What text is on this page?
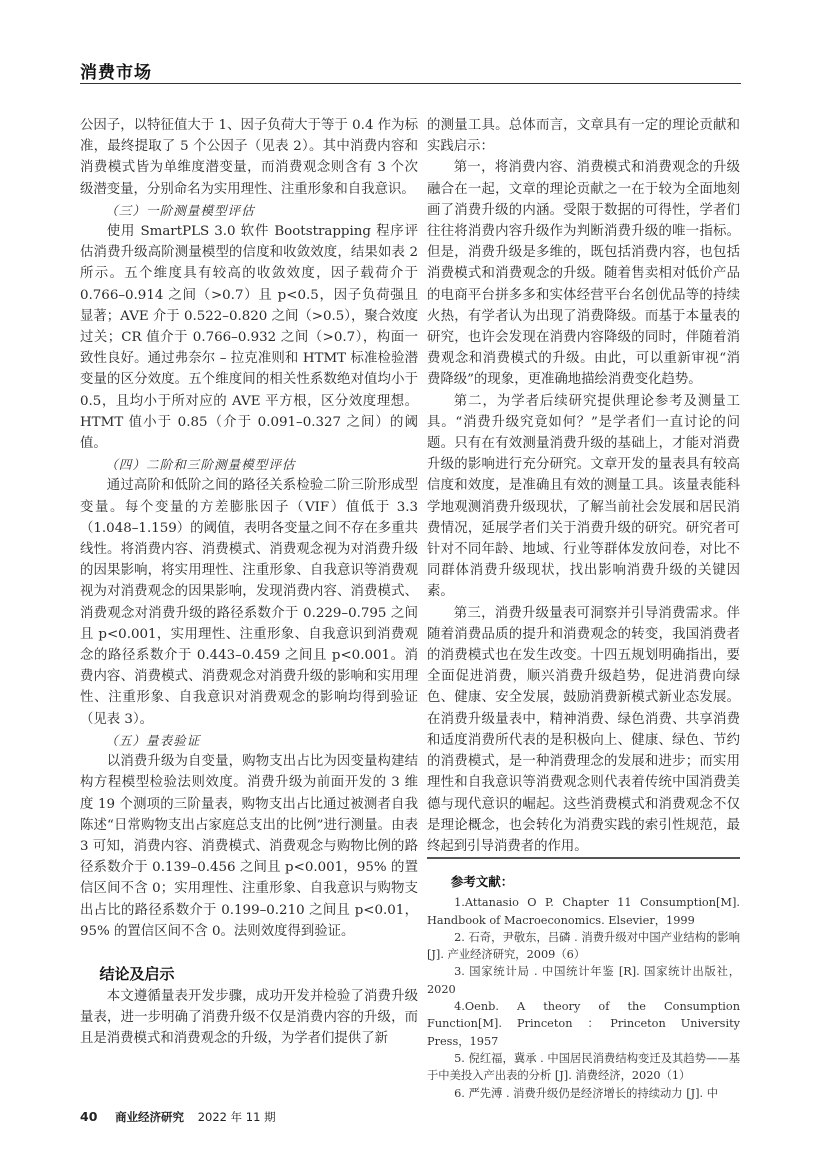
消费市场

公因子，以特征值大于 1、因子负荷大于等于 0.4 作为标准，最终提取了 5 个公因子（见表 2）。其中消费内容和消费模式皆为单维度潜变量，而消费观念则含有 3 个次级潜变量，分别命名为实用理性、注重形象和自我意识。

（三）一阶测量模型评估

使用 SmartPLS 3.0 软件 Bootstrapping 程序评估消费升级高阶测量模型的信度和收敛效度，结果如表 2 所示。五个维度具有较高的收敛效度，因子载荷介于 0.766–0.914 之间（>0.7）且 p<0.5，因子负荷强且显著；AVE 介于 0.522–0.820 之间（>0.5），聚合效度过关；CR 值介于 0.766–0.932 之间（>0.7），构面一致性良好。通过弗奈尔 – 拉克准则和 HTMT 标准检验潜变量的区分效度。五个维度间的相关性系数绝对值均小于 0.5，且均小于所对应的 AVE 平方根，区分效度理想。HTMT 值小于 0.85（介于 0.091–0.327 之间）的阈值。

（四）二阶和三阶测量模型评估

通过高阶和低阶之间的路径关系检验二阶三阶形成型变量。每个变量的方差膨胀因子（VIF）值低于 3.3（1.048–1.159）的阈值，表明各变量之间不存在多重共线性。将消费内容、消费模式、消费观念视为对消费升级的因果影响，将实用理性、注重形象、自我意识等消费观视为对消费观念的因果影响，发现消费内容、消费模式、消费观念对消费升级的路径系数介于 0.229–0.795 之间且 p<0.001，实用理性、注重形象、自我意识到消费观念的路径系数介于 0.443–0.459 之间且 p<0.001。消费内容、消费模式、消费观念对消费升级的影响和实用理性、注重形象、自我意识对消费观念的影响均得到验证（见表 3）。

（五）量表验证

以消费升级为自变量，购物支出占比为因变量构建结构方程模型检验法则效度。消费升级为前面开发的 3 维度 19 个测项的三阶量表，购物支出占比通过被测者自我陈述“日常购物支出占家庭总支出的比例”进行测量。由表 3 可知，消费内容、消费模式、消费观念与购物比例的路径系数介于 0.139–0.456 之间且 p<0.001，95% 的置信区间不含 0；实用理性、注重形象、自我意识与购物支出占比的路径系数介于 0.199–0.210 之间且 p<0.01，95% 的置信区间不含 0。法则效度得到验证。

结论及启示

本文遵循量表开发步骤，成功开发并检验了消费升级量表，进一步明确了消费升级不仅是消费内容的升级，而且是消费模式和消费观念的升级，为学者们提供了新

的测量工具。总体而言，文章具有一定的理论贡献和实践启示：

第一，将消费内容、消费模式和消费观念的升级融合在一起，文章的理论贡献之一在于较为全面地刻画了消费升级的内涵。受限于数据的可得性，学者们往往将消费内容升级作为判断消费升级的唯一指标。但是，消费升级是多维的，既包括消费内容，也包括消费模式和消费观念的升级。随着售卖相对低价产品的电商平台拼多多和实体经营平台名创优品等的持续火热，有学者认为出现了消费降级。而基于本量表的研究，也许会发现在消费内容降级的同时，伴随着消费观念和消费模式的升级。由此，可以重新审视“消费降级”的现象，更准确地描绘消费变化趋势。

第二，为学者后续研究提供理论参考及测量工具。“消费升级究竟如何？”是学者们一直讨论的问题。只有在有效测量消费升级的基础上，才能对消费升级的影响进行充分研究。文章开发的量表具有较高信度和效度，是准确且有效的测量工具。该量表能科学地观测消费升级现状，了解当前社会发展和居民消费情况，延展学者们关于消费升级的研究。研究者可针对不同年龄、地域、行业等群体发放问卷，对比不同群体消费升级现状，找出影响消费升级的关键因素。

第三，消费升级量表可洞察并引导消费需求。伴随着消费品质的提升和消费观念的转变，我国消费者的消费模式也在发生改变。十四五规划明确指出，要全面促进消费，顺兴消费升级趋势，促进消费向绿色、健康、安全发展，鼓励消费新模式新业态发展。在消费升级量表中，精神消费、绿色消费、共享消费和适度消费所代表的是积极向上、健康、绿色、节约的消费模式，是一种消费理念的发展和进步；而实用理性和自我意识等消费观念则代表着传统中国消费美德与现代意识的崛起。这些消费模式和消费观念不仅是理论概念，也会转化为消费实践的索引性规范，最终起到引导消费者的作用。

参考文献：

1.Attanasio O P. Chapter 11 Consumption[M]. Handbook of Macroeconomics. Elsevier，1999

2. 石奇，尹敬东，吕磷 . 消费升级对中国产业结构的影响 [J]. 产业经济研究，2009（6）

3. 国家统计局 . 中国统计年鉴 [R]. 国家统计出版社，2020

4.Oenb. A theory of the Consumption Function[M]. Princeton ：Princeton University Press，1957

5. 倪红福，冀承 . 中国居民消费结构变迁及其趋势——基于中美投入产出表的分析 [J]. 消费经济，2020（1）

6. 严先溥 . 消费升级仍是经济增长的持续动力 [J]. 中

40 商业经济研究 2022 年 11 期
